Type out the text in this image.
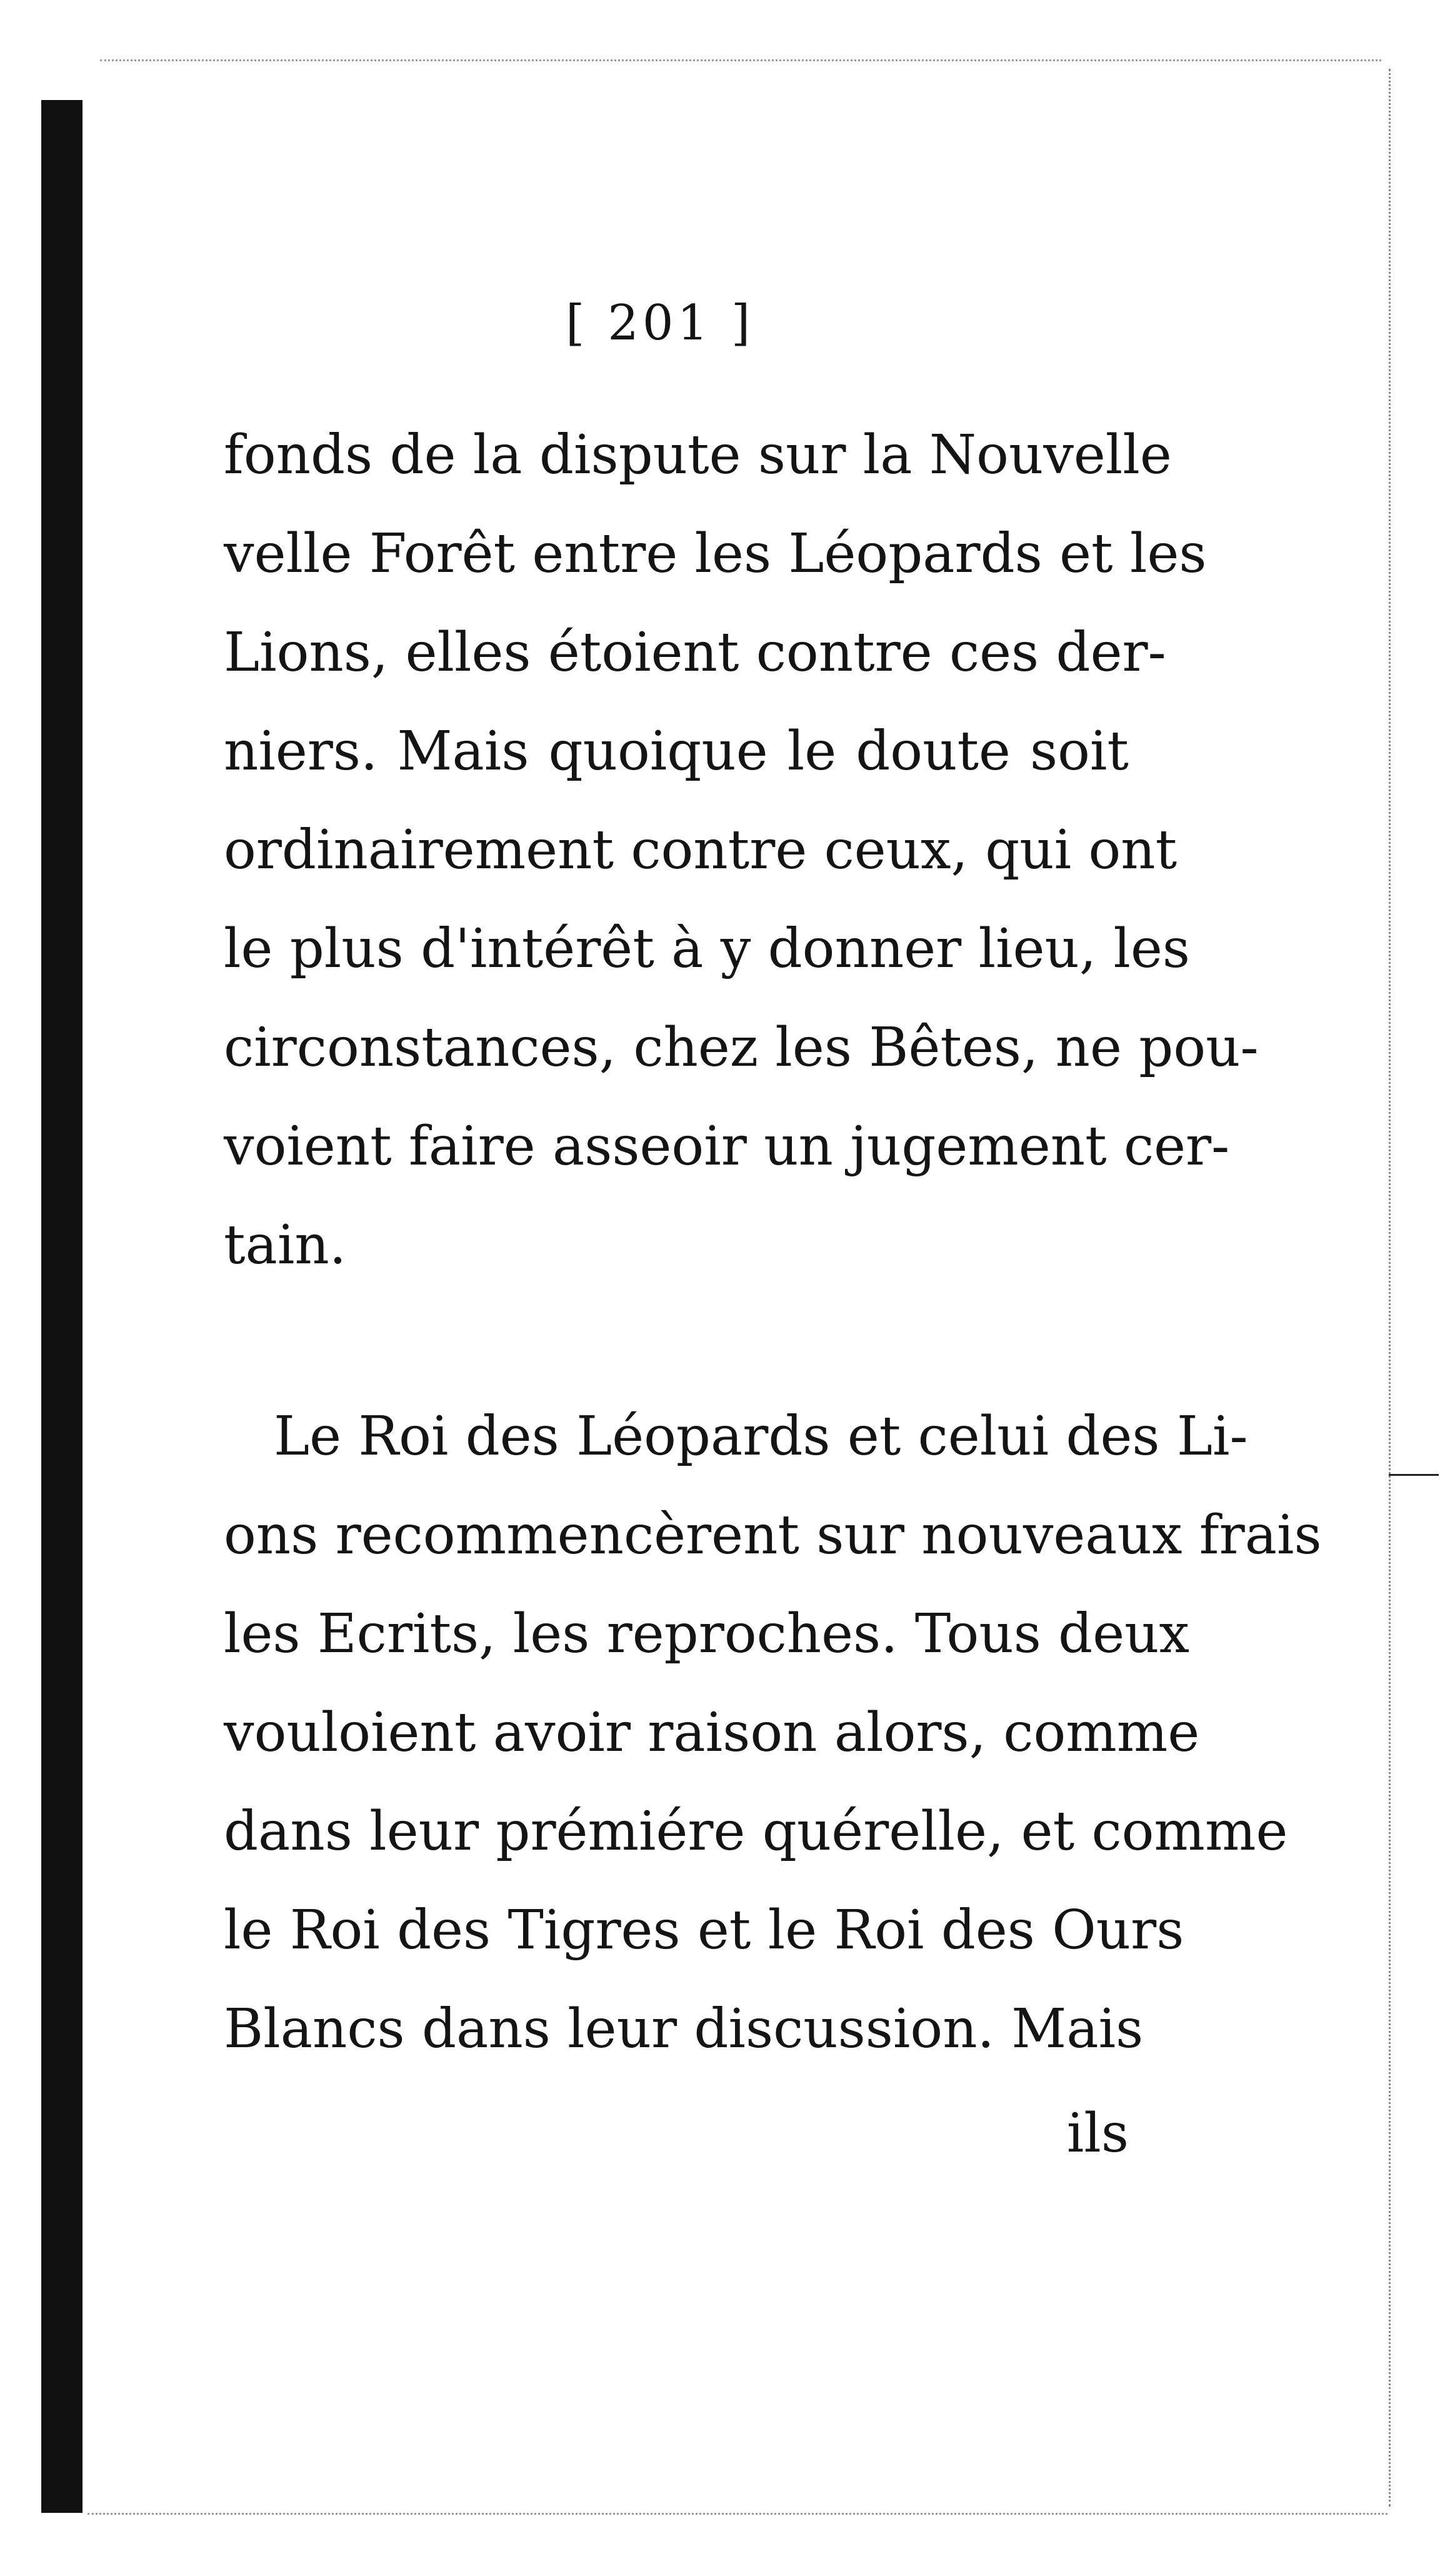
[ 201 ]
fonds de la dispute sur la Nouvelle
velle Forêt entre les Léopards et les
Lions, elles étoient contre ces der-
niers. Mais quoique le doute soit
ordinairement contre ceux, qui ont
le plus d'intérêt à y donner lieu, les
circonstances, chez les Bêtes, ne pou-
voient faire asseoir un jugement cer-
tain.
Le Roi des Léopards et celui des Li-
ons recommencèrent sur nouveaux frais
les Ecrits, les reproches. Tous deux
vouloient avoir raison alors, comme
dans leur prémiére quérelle, et comme
le Roi des Tigres et le Roi des Ours
Blancs dans leur discussion. Mais
ils
